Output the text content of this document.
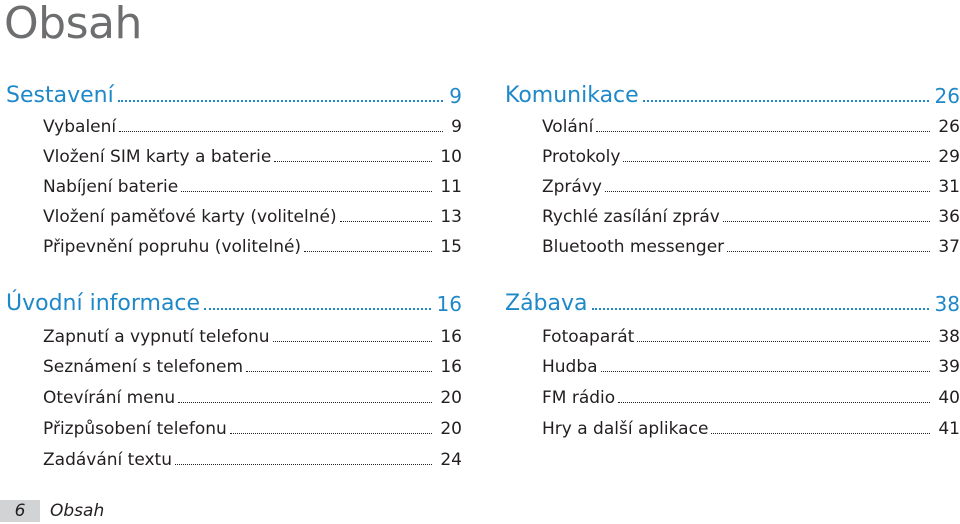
Obsah
Sestavení	9
Vybalení	9
Vložení SIM karty a baterie	10
Nabíjení baterie	11
Vložení paměťové karty (volitelné)	13
Připevnění popruhu (volitelné)	15
Úvodní informace	16
Zapnutí a vypnutí telefonu	16
Seznámení s telefonem	16
Otevírání menu	20
Přizpůsobení telefonu	20
Zadávání textu	24
Komunikace	26
Volání	26
Protokoly	29
Zprávy	31
Rychlé zasílání zpráv	36
Bluetooth messenger	37
Zábava	38
Fotoaparát	38
Hudba	39
FM rádio	40
Hry a další aplikace	41
6	Obsah
